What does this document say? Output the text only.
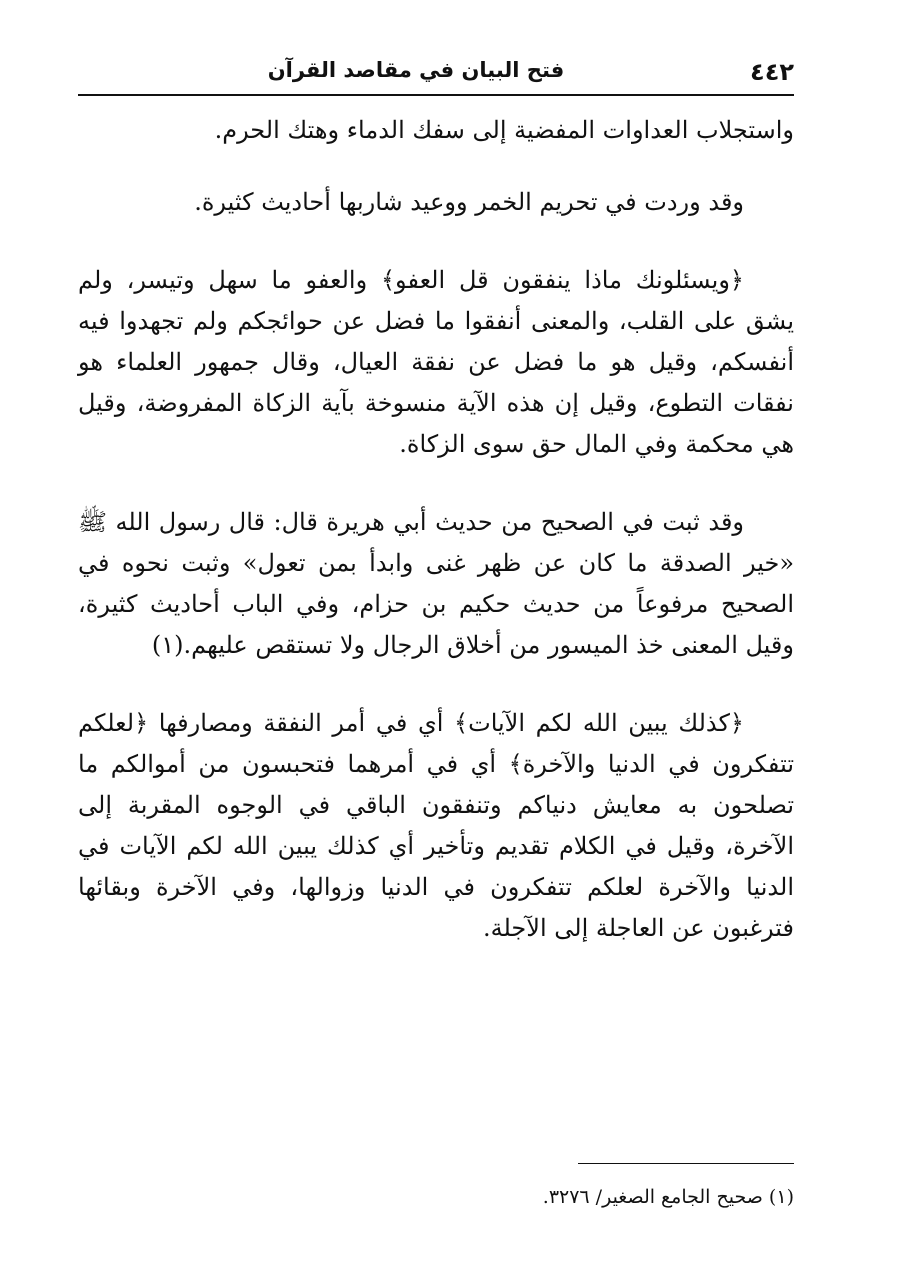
٤٤٢
فتح البيان في مقاصد القرآن

واستجلاب العداوات المفضية إلى سفك الدماء وهتك الحرم.

وقد وردت في تحريم الخمر ووعيد شاربها أحاديث كثيرة.

﴿ويسئلونك ماذا ينفقون قل العفو﴾ والعفو ما سهل وتيسر، ولم يشق على القلب، والمعنى أنفقوا ما فضل عن حوائجكم ولم تجهدوا فيه أنفسكم، وقيل هو ما فضل عن نفقة العيال، وقال جمهور العلماء هو نفقات التطوع، وقيل إن هذه الآية منسوخة بآية الزكاة المفروضة، وقيل هي محكمة وفي المال حق سوى الزكاة.

وقد ثبت في الصحيح من حديث أبي هريرة قال: قال رسول الله ﷺ «خير الصدقة ما كان عن ظهر غنى وابدأ بمن تعول» وثبت نحوه في الصحيح مرفوعاً من حديث حكيم بن حزام، وفي الباب أحاديث كثيرة، وقيل المعنى خذ الميسور من أخلاق الرجال ولا تستقص عليهم.(١)

﴿كذلك يبين الله لكم الآيات﴾ أي في أمر النفقة ومصارفها ﴿لعلكم تتفكرون في الدنيا والآخرة﴾ أي في أمرهما فتحبسون من أموالكم ما تصلحون به معايش دنياكم وتنفقون الباقي في الوجوه المقربة إلى الآخرة، وقيل في الكلام تقديم وتأخير أي كذلك يبين الله لكم الآيات في الدنيا والآخرة لعلكم تتفكرون في الدنيا وزوالها، وفي الآخرة وبقائها فترغبون عن العاجلة إلى الآجلة.

(١) صحيح الجامع الصغير/ ٣٢٧٦.
